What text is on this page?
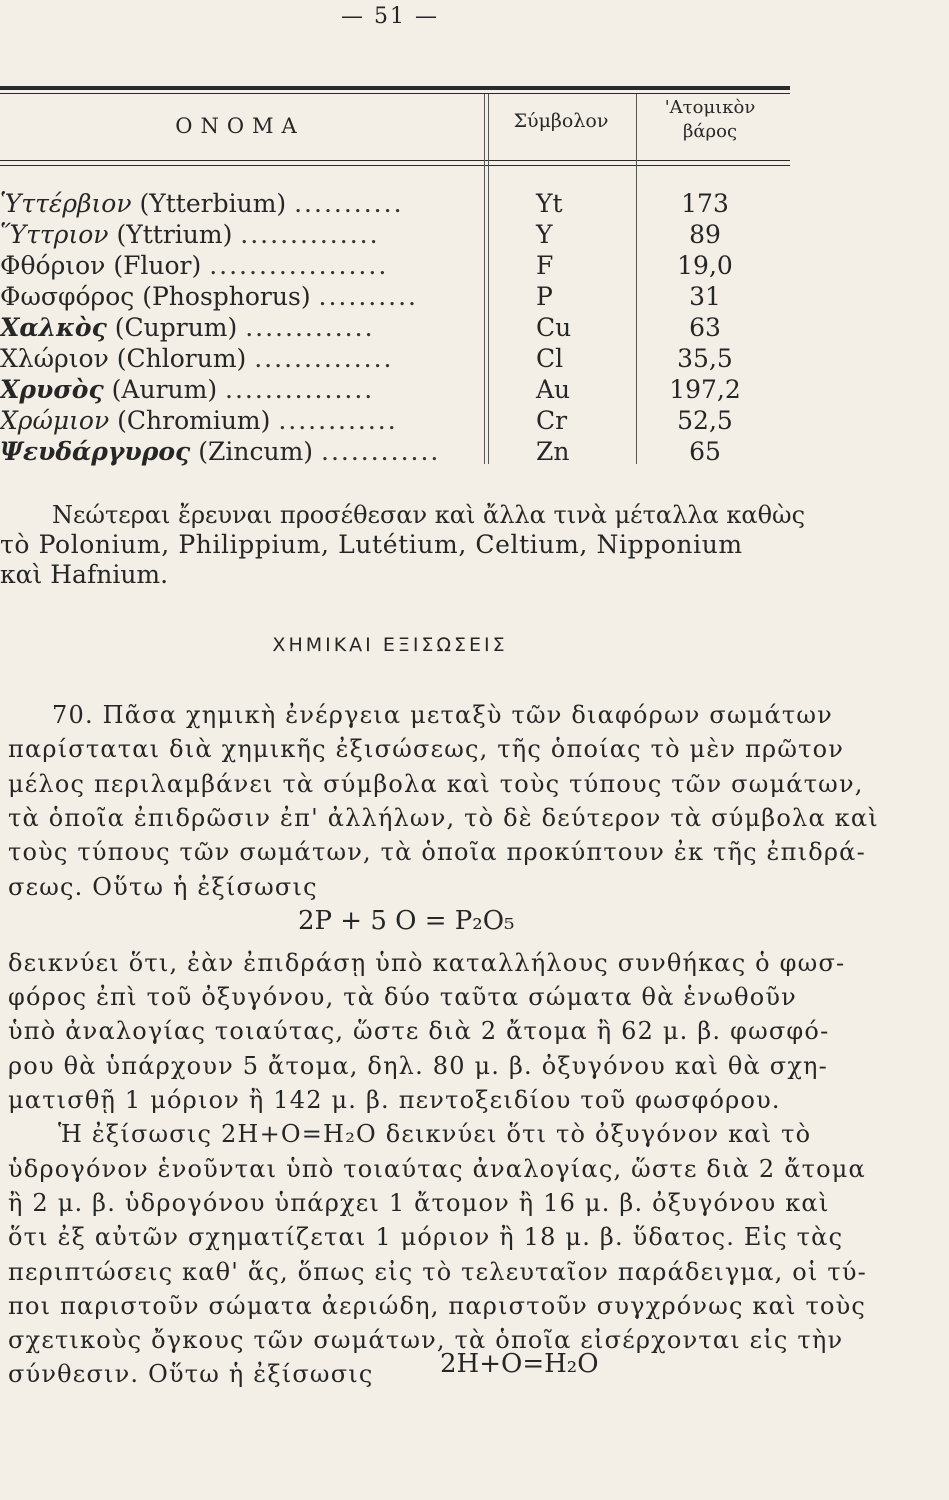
— 51 —
ΟΝΟΜΑ	Σύμβολον
'Ατομικὸν
βάρος
Ὑττέρβιον (Ytterbium) ...........	Yt	173
Ὕττριον (Yttrium) ..............	Y	89
Φθόριον (Fluor) ..................	F	19,0
Φωσφόρος (Phosphorus) ..........	P	31
Χαλκὸς (Cuprum) .............	Cu	63
Χλώριον (Chlorum) ..............	Cl	35,5
Χρυσὸς (Aurum) ...............	Au	197,2
Χρώμιον (Chromium) ............	Cr	52,5
Ψευδάργυρος (Zincum) ............	Zn	65
Νεώτεραι ἔρευναι προσέθεσαν καὶ ἄλλα τινὰ μέταλλα καθὼς
τὸ Polonium, Philippium, Lutétium, Celtium, Nipponium
καὶ Hafnium.
ΧΗΜΙΚΑΙ ΕΞΙΣΩΣΕΙΣ
70. Πᾶσα χημικὴ ἐνέργεια μεταξὺ τῶν διαφόρων σωμάτων
παρίσταται διὰ χημικῆς ἐξισώσεως, τῆς ὁποίας τὸ μὲν πρῶτον
μέλος περιλαμβάνει τὰ σύμβολα καὶ τοὺς τύπους τῶν σωμάτων,
τὰ ὁποῖα ἐπιδρῶσιν ἐπ' ἀλλήλων, τὸ δὲ δεύτερον τὰ σύμβολα καὶ
τοὺς τύπους τῶν σωμάτων, τὰ ὁποῖα προκύπτουν ἐκ τῆς ἐπιδρά-
σεως. Οὕτω ἡ ἐξίσωσις
2P + 5 O = P₂O₅
δεικνύει ὅτι, ἐὰν ἐπιδράσῃ ὑπὸ καταλλήλους συνθήκας ὁ φωσ-
φόρος ἐπὶ τοῦ ὀξυγόνου, τὰ δύο ταῦτα σώματα θὰ ἑνωθοῦν
ὑπὸ ἀναλογίας τοιαύτας, ὥστε διὰ 2 ἄτομα ἢ 62 μ. β. φωσφό-
ρου θὰ ὑπάρχουν 5 ἄτομα, δηλ. 80 μ. β. ὀξυγόνου καὶ θὰ σχη-
ματισθῇ 1 μόριον ἢ 142 μ. β. πεντοξειδίου τοῦ φωσφόρου.
Ἡ ἐξίσωσις 2H+O=H₂O δεικνύει ὅτι τὸ ὀξυγόνον καὶ τὸ
ὑδρογόνον ἑνοῦνται ὑπὸ τοιαύτας ἀναλογίας, ὥστε διὰ 2 ἄτομα
ἢ 2 μ. β. ὑδρογόνου ὑπάρχει 1 ἄτομον ἢ 16 μ. β. ὀξυγόνου καὶ
ὅτι ἐξ αὐτῶν σχηματίζεται 1 μόριον ἢ 18 μ. β. ὕδατος. Εἰς τὰς
περιπτώσεις καθ' ἅς, ὅπως εἰς τὸ τελευταῖον παράδειγμα, οἱ τύ-
ποι παριστοῦν σώματα ἀεριώδη, παριστοῦν συγχρόνως καὶ τοὺς
σχετικοὺς ὄγκους τῶν σωμάτων, τὰ ὁποῖα εἰσέρχονται εἰς τὴν
σύνθεσιν. Οὕτω ἡ ἐξίσωσις	2H+O=H₂O
